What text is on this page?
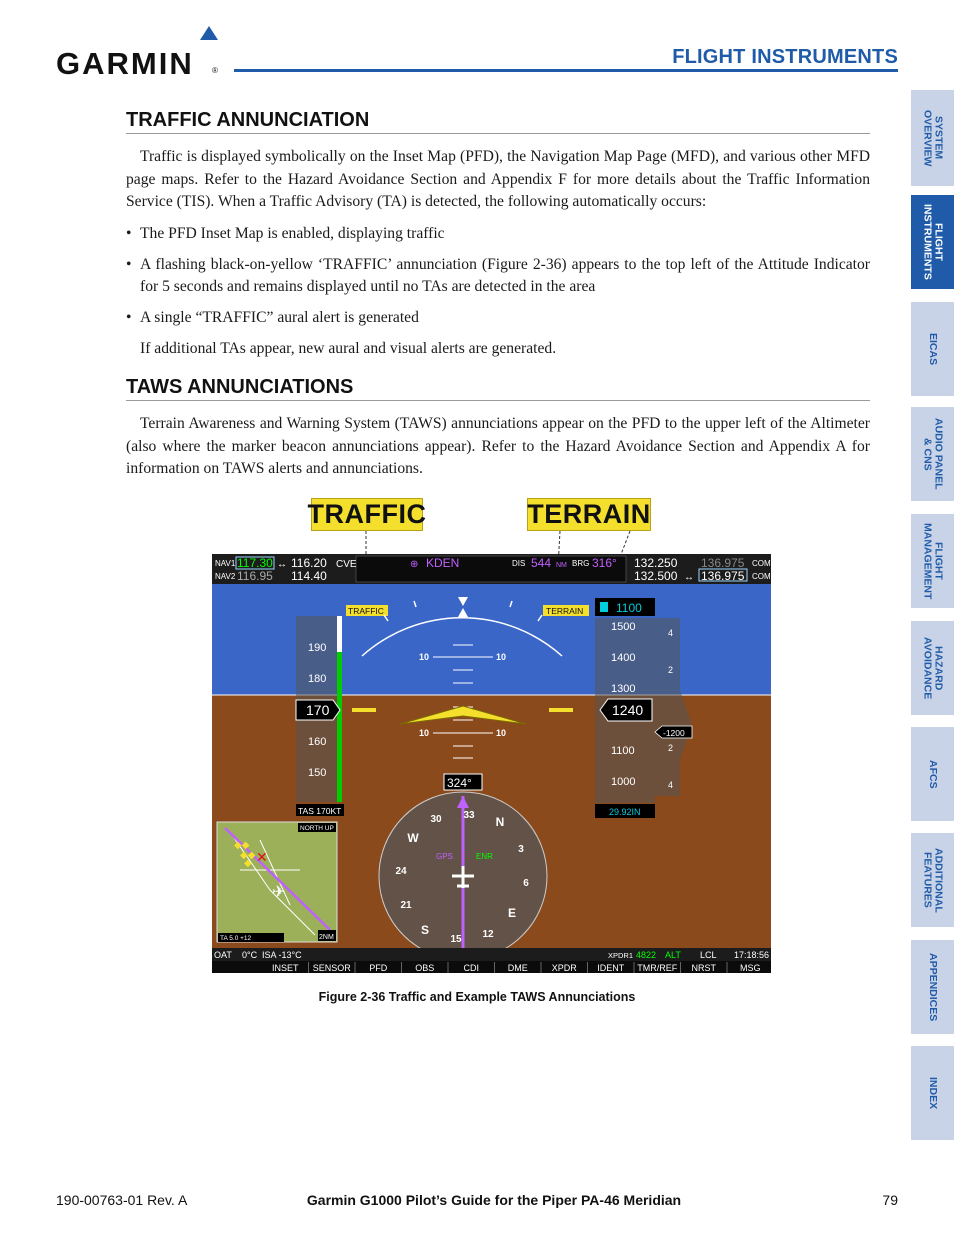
GARMIN ®
FLIGHT INSTRUMENTS
TRAFFIC ANNUNCIATION
Traffic is displayed symbolically on the Inset Map (PFD), the Navigation Map Page (MFD), and various other MFD page maps. Refer to the Hazard Avoidance Section and Appendix F for more details about the Traffic Information Service (TIS). When a Traffic Advisory (TA) is detected, the following automatically occurs:
• The PFD Inset Map is enabled, displaying traffic
• A flashing black-on-yellow ‘TRAFFIC’ annunciation (Figure 2-36) appears to the top left of the Attitude Indicator for 5 seconds and remains displayed until no TAs are detected in the area
• A single “TRAFFIC” aural alert is generated
If additional TAs appear, new aural and visual alerts are generated.
TAWS ANNUNCIATIONS
Terrain Awareness and Warning System (TAWS) annunciations appear on the PFD to the upper left of the Altimeter (also where the marker beacon annunciations appear). Refer to the Hazard Avoidance Section and Appendix A for information on TAWS alerts and annunciations.
SYSTEM
OVERVIEW
FLIGHT
INSTRUMENTS
EICAS
AUDIO PANEL
& CNS
FLIGHT
MANAGEMENT
HAZARD
AVOIDANCE
AFCS
ADDITIONAL
FEATURES
APPENDICES
INDEX
TRAFFIC	TERRAIN
NAV1
NAV2
COM1
COM2
DIS	BRG
117.30 ↔ 116.20 CVE
116.95 114.40
⊕ KDEN	544 NM 316° 132.250 136.975
132.500 ↔ 136.975
TRAFFIC	TERRAIN
10	10
10	10
190
180
160
150
170
TAS 170KT
1100
1500
1400
1300
1100
1000
1240
29.92IN
4
2
2
4
-1200
324°
GPS	ENR
N
3
6
E
12
15
S
21
24
W
30 33
◆◆
◆◆
◆ ✕
✈
NORTH UP
TA 5.0 +12	2NM
OAT 0°C ISA -13°C	XPDR1 4822 ALT LCL 17:18:56
INSET SENSOR PFD	OBS	CDI	DME	XPDR IDENT TMR/REF NRST	MSG
Figure 2-36 Traffic and Example TAWS Annunciations
190-00763-01 Rev. A	Garmin G1000 Pilot’s Guide for the Piper PA-46 Meridian	79
